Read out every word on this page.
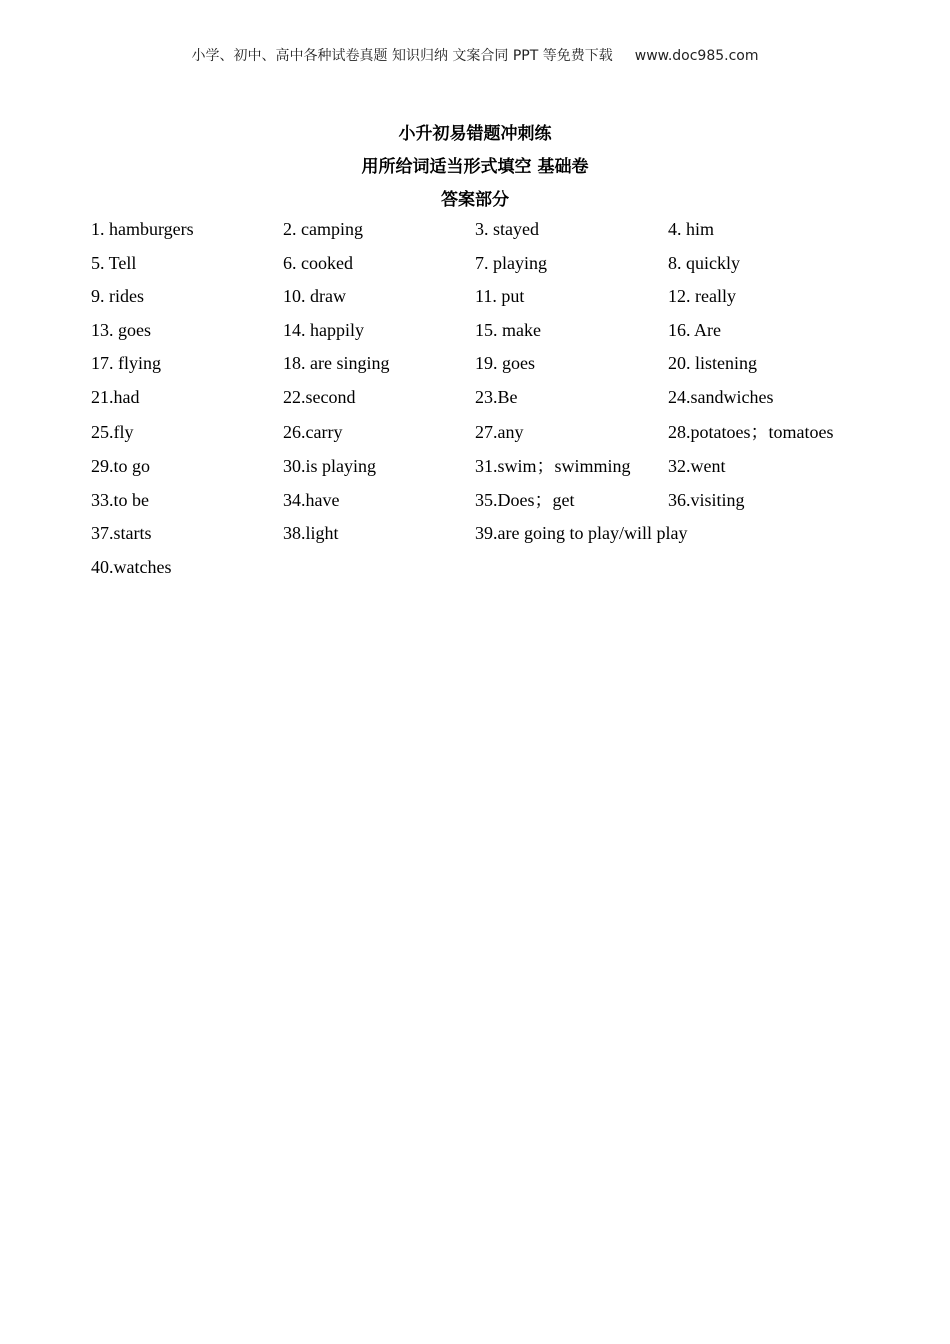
小学、初中、高中各种试卷真题 知识归纳 文案合同 PPT 等免费下载 www.doc985.com
小升初易错题冲刺练
用所给词适当形式填空 基础卷
答案部分
1. hamburgers	2. camping	3. stayed	4. him
5. Tell	6. cooked	7. playing	8. quickly
9. rides	10. draw	11. put	12. really
13. goes	14. happily	15. make	16. Are
17. flying	18. are singing	19. goes	20. listening
21.had	22.second	23.Be	24.sandwiches
25.fly	26.carry	27.any	28.potatoes；tomatoes
29.to go	30.is playing	31.swim；swimming 32.went
33.to be	34.have	35.Does；get	36.visiting
37.starts	38.light	39.are going to play/will play
40.watches
